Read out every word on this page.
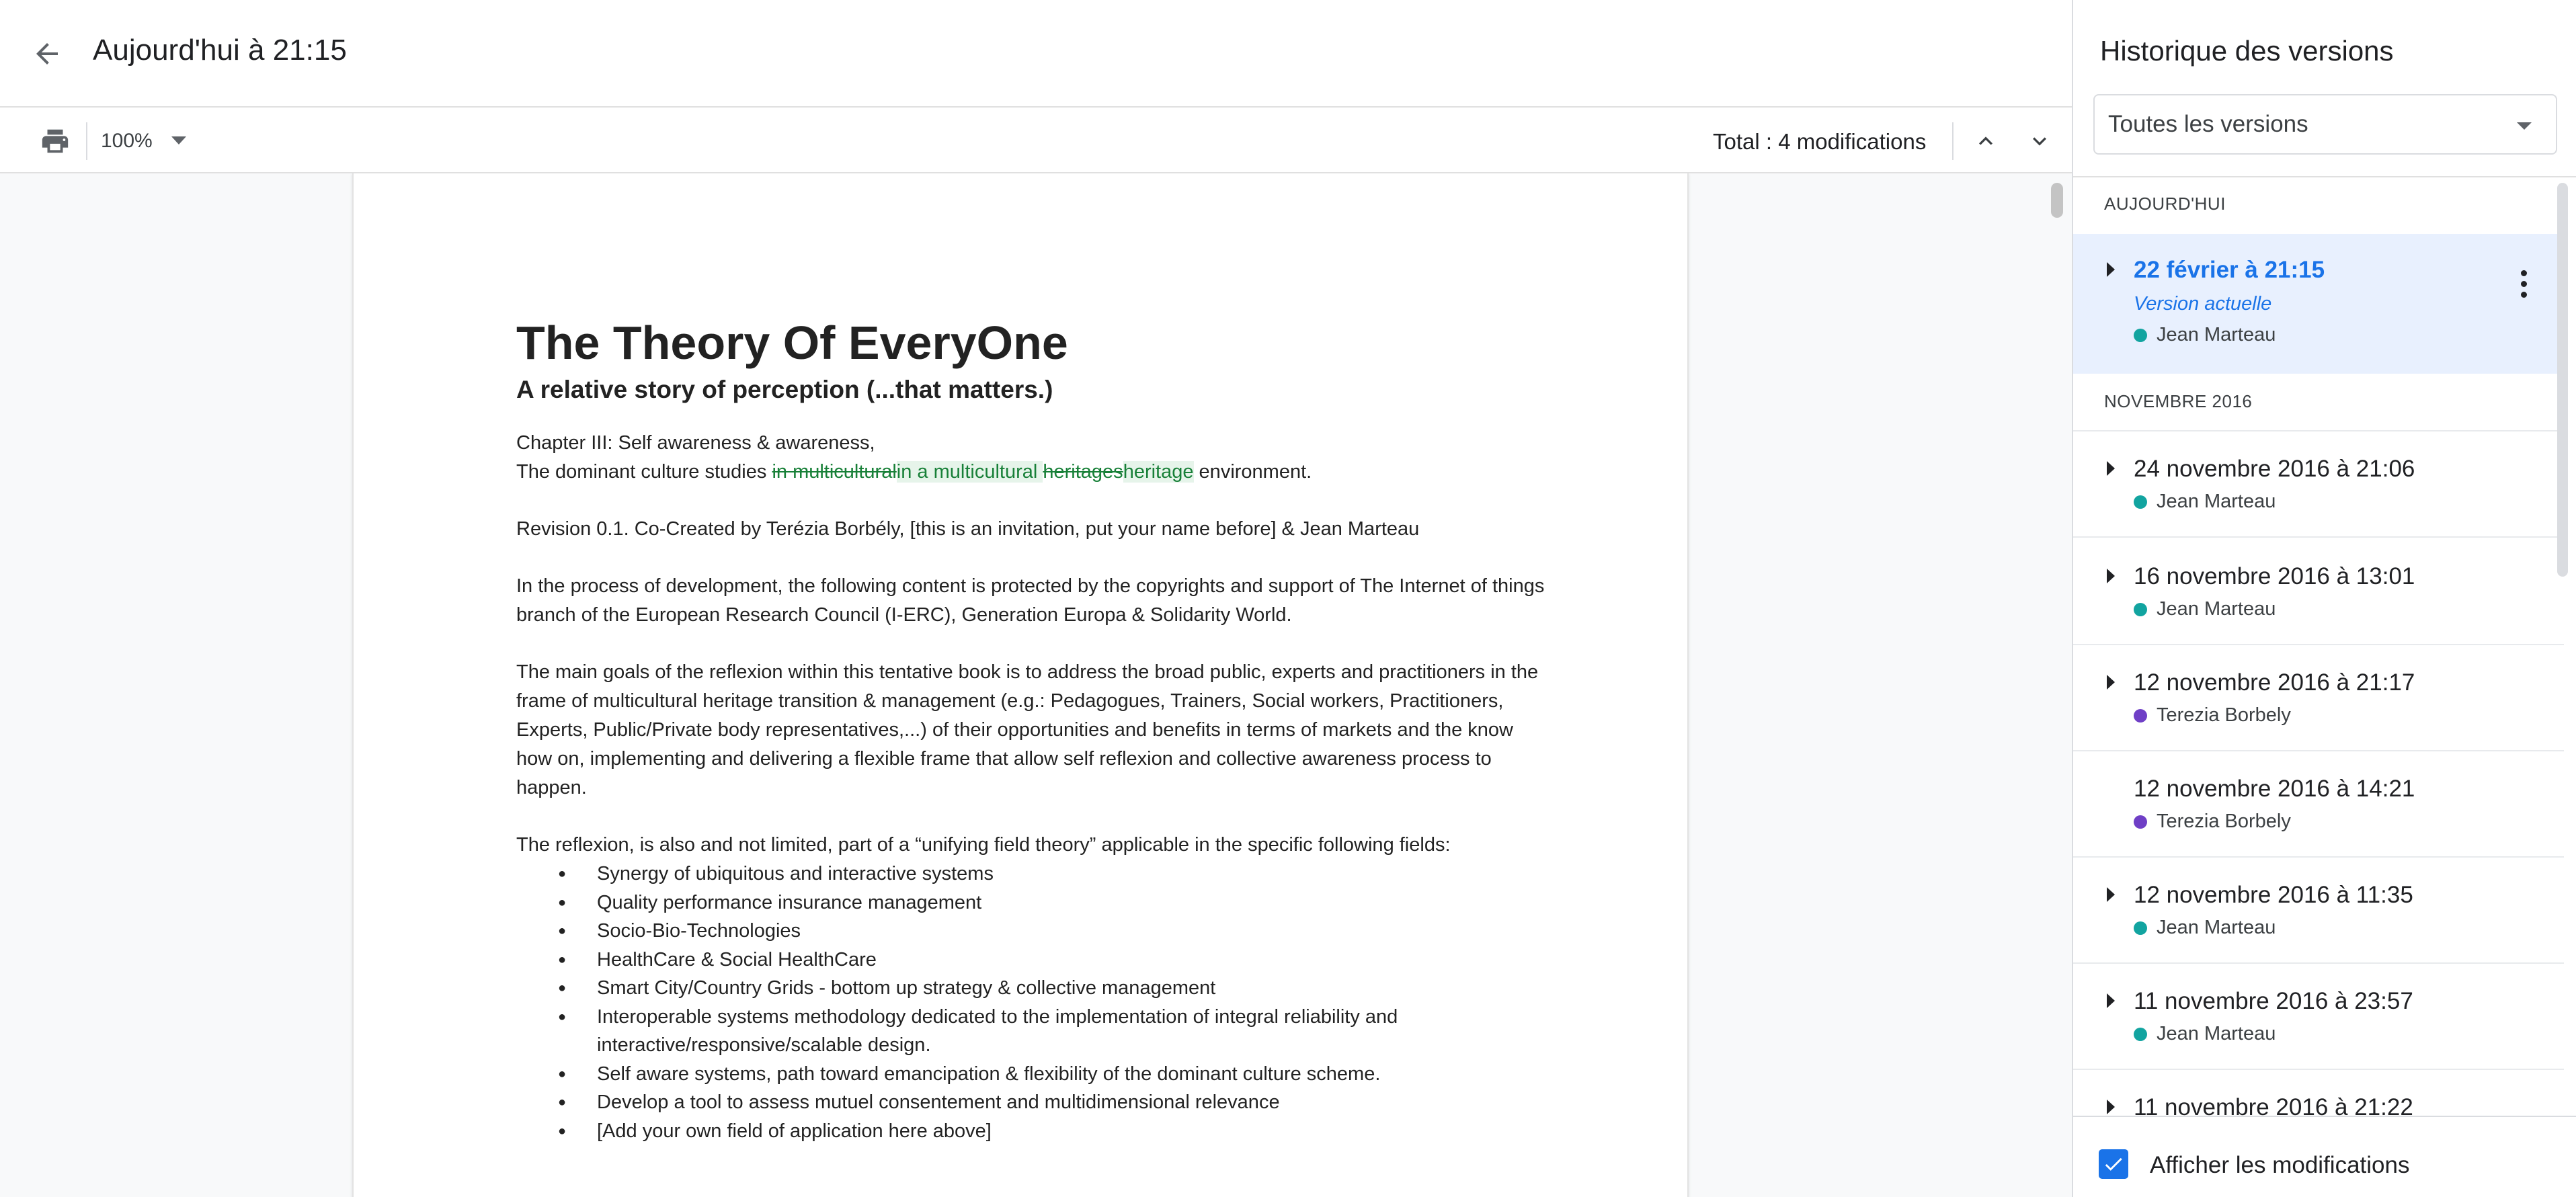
Aujourd'hui à 21:15
100%	Total : 4 modifications
The Theory Of EveryOne
A relative story of perception (...that matters.)
Chapter III: Self awareness & awareness,
The dominant culture studies in multiculturalin a multicultural heritagesheritage environment.
Revision 0.1. Co-Created by Terézia Borbély, [this is an invitation, put your name before] & Jean Marteau
In the process of development, the following content is protected by the copyrights and support of The Internet of things branch of the European Research Council (I-ERC), Generation Europa & Solidarity World.
The main goals of the reflexion within this tentative book is to address the broad public, experts and practitioners in the frame of multicultural heritage transition & management (e.g.: Pedagogues, Trainers, Social workers, Practitioners, Experts, Public/Private body representatives,...) of their opportunities and benefits in terms of markets and the know how on, implementing and delivering a flexible frame that allow self reflexion and collective awareness process to happen.
The reflexion, is also and not limited, part of a “unifying field theory” applicable in the specific following fields:
● Synergy of ubiquitous and interactive systems
● Quality performance insurance management
● Socio-Bio-Technologies
● HealthCare & Social HealthCare
● Smart City/Country Grids - bottom up strategy & collective management
● Interoperable systems methodology dedicated to the implementation of integral reliability and interactive/responsive/scalable design.
● Self aware systems, path toward emancipation & flexibility of the dominant culture scheme.
● Develop a tool to assess mutuel consentement and multidimensional relevance
● [Add your own field of application here above]
Historique des versions
Toutes les versions
AUJOURD'HUI
22 février à 21:15
Version actuelle
Jean Marteau
NOVEMBRE 2016
24 novembre 2016 à 21:06
Jean Marteau
16 novembre 2016 à 13:01
Jean Marteau
12 novembre 2016 à 21:17
Terezia Borbely
12 novembre 2016 à 14:21
Terezia Borbely
12 novembre 2016 à 11:35
Jean Marteau
11 novembre 2016 à 23:57
Jean Marteau
11 novembre 2016 à 21:22
Afficher les modifications
